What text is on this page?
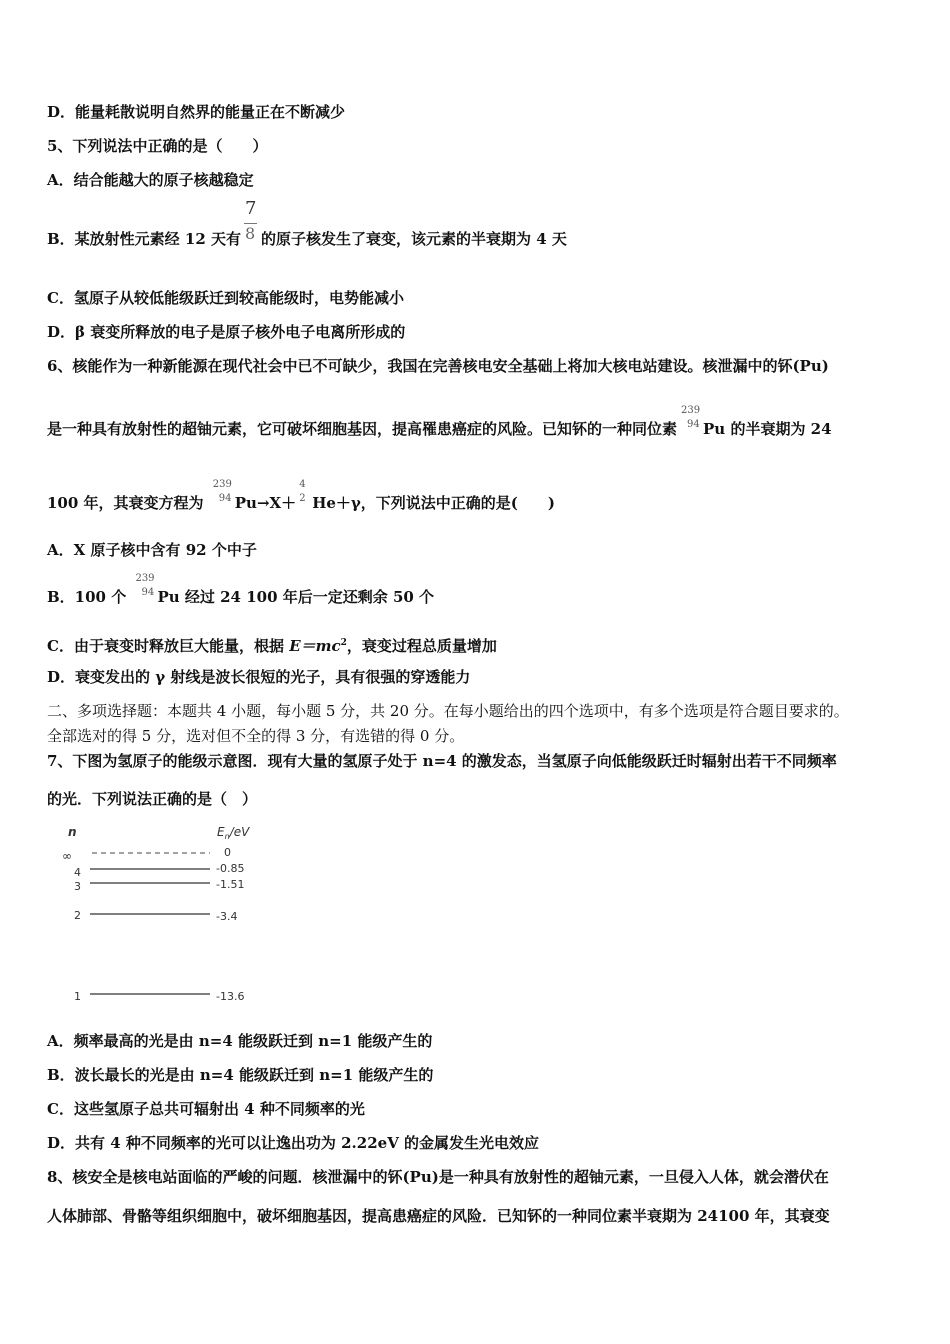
D．能量耗散说明自然界的能量正在不断减少
5、下列说法中正确的是（　　）
A．结合能越大的原子核越稳定
B．某放射性元素经 12 天有 $\frac{7}{8}$ 的原子核发生了衰变，该元素的半衰期为 4 天
C．氢原子从较低能级跃迁到较高能级时，电势能减小
D．β 衰变所释放的电子是原子核外电子电离所形成的
6、核能作为一种新能源在现代社会中已不可缺少，我国在完善核电安全基础上将加大核电站建设。核泄漏中的钚(Pu)
是一种具有放射性的超铀元素，它可破坏细胞基因，提高罹患癌症的风险。已知钚的一种同位素
239
94 Pu 的半衰期为 24
100 年，其衰变方程为
239
94 Pu→X＋
4
2 He＋γ，下列说法中正确的是(　　)
A．X 原子核中含有 92 个中子
B．100 个
239
94 Pu 经过 24 100 年后一定还剩余 50 个
C．由于衰变时释放巨大能量，根据 $E=mc^2$，衰变过程总质量增加
D．衰变发出的 γ 射线是波长很短的光子，具有很强的穿透能力
二、多项选择题：本题共 4 小题，每小题 5 分，共 20 分。在每小题给出的四个选项中，有多个选项是符合题目要求的。
全部选对的得 5 分，选对但不全的得 3 分，有选错的得 0 分。
7、下图为氢原子的能级示意图．现有大量的氢原子处于 n=4 的激发态，当氢原子向低能级跃迁时辐射出若干不同频率
的光．下列说法正确的是（　）
n	$E_n/eV$
∞	0
4	-0.85
3	-1.51
2	-3.4
1	-13.6
A．频率最高的光是由 n=4 能级跃迁到 n=1 能级产生的
B．波长最长的光是由 n=4 能级跃迁到 n=1 能级产生的
C．这些氢原子总共可辐射出 4 种不同频率的光
D．共有 4 种不同频率的光可以让逸出功为 2.22eV 的金属发生光电效应
8、核安全是核电站面临的严峻的问题．核泄漏中的钚(Pu)是一种具有放射性的超铀元素，一旦侵入人体，就会潜伏在
人体肺部、骨骼等组织细胞中，破坏细胞基因，提高患癌症的风险．已知钚的一种同位素半衰期为 24100 年，其衰变
